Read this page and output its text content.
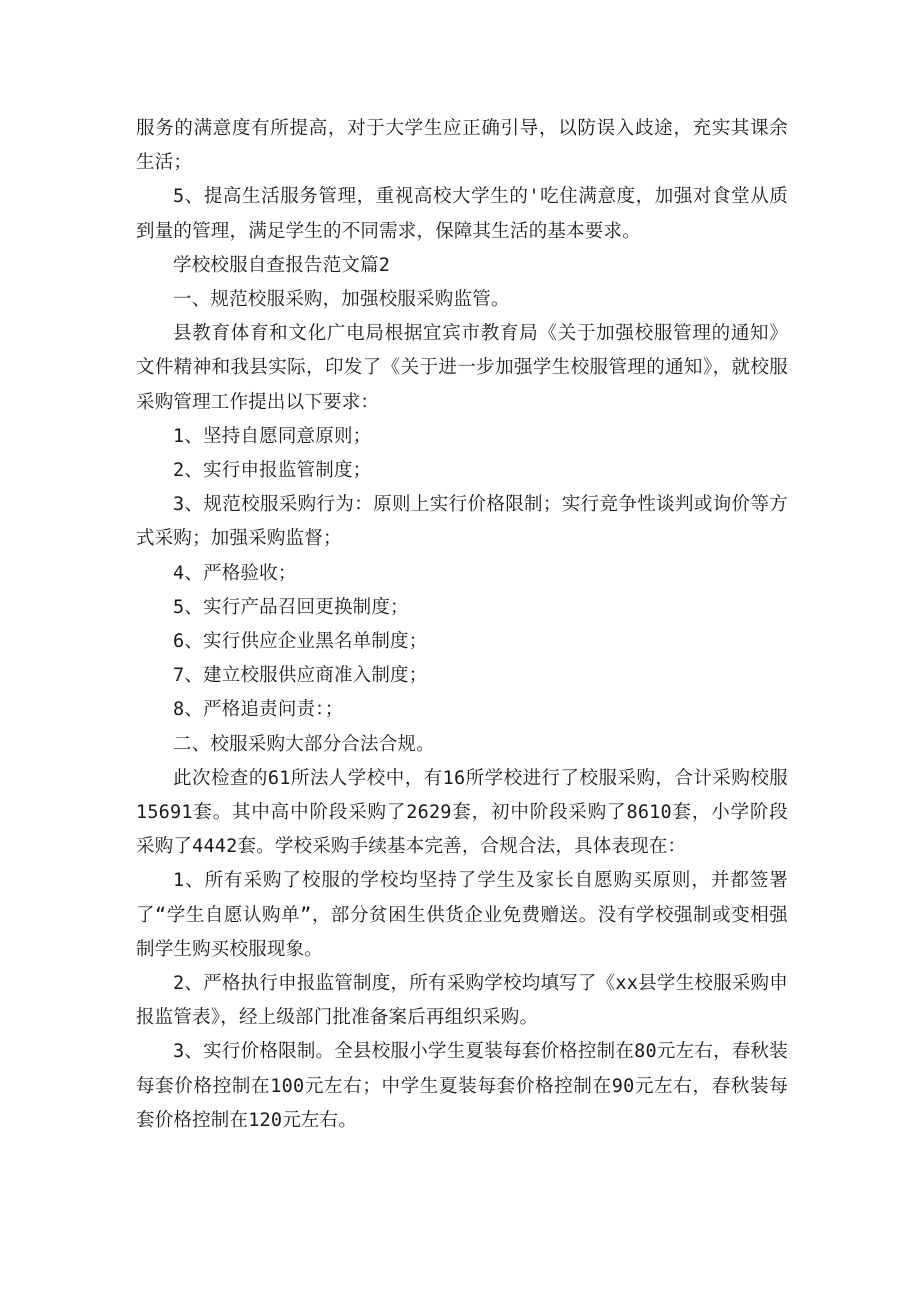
服务的满意度有所提高，对于大学生应正确引导，以防误入歧途，充实其课余生活；

5、提高生活服务管理，重视高校大学生的'吃住满意度，加强对食堂从质到量的管理，满足学生的不同需求，保障其生活的基本要求。

学校校服自查报告范文篇2

一、规范校服采购，加强校服采购监管。

县教育体育和文化广电局根据宜宾市教育局《关于加强校服管理的通知》文件精神和我县实际，印发了《关于进一步加强学生校服管理的通知》，就校服采购管理工作提出以下要求：

1、坚持自愿同意原则；

2、实行申报监管制度；

3、规范校服采购行为：原则上实行价格限制；实行竞争性谈判或询价等方式采购；加强采购监督；

4、严格验收；

5、实行产品召回更换制度；

6、实行供应企业黑名单制度；

7、建立校服供应商准入制度；

8、严格追责问责：；

二、校服采购大部分合法合规。

此次检查的61所法人学校中，有16所学校进行了校服采购，合计采购校服15691套。其中高中阶段采购了2629套，初中阶段采购了8610套，小学阶段采购了4442套。学校采购手续基本完善，合规合法，具体表现在：

1、所有采购了校服的学校均坚持了学生及家长自愿购买原则，并都签署了“学生自愿认购单”，部分贫困生供货企业免费赠送。没有学校强制或变相强制学生购买校服现象。

2、严格执行申报监管制度，所有采购学校均填写了《xx县学生校服采购申报监管表》，经上级部门批准备案后再组织采购。

3、实行价格限制。全县校服小学生夏装每套价格控制在80元左右，春秋装每套价格控制在100元左右；中学生夏装每套价格控制在90元左右，春秋装每套价格控制在120元左右。
